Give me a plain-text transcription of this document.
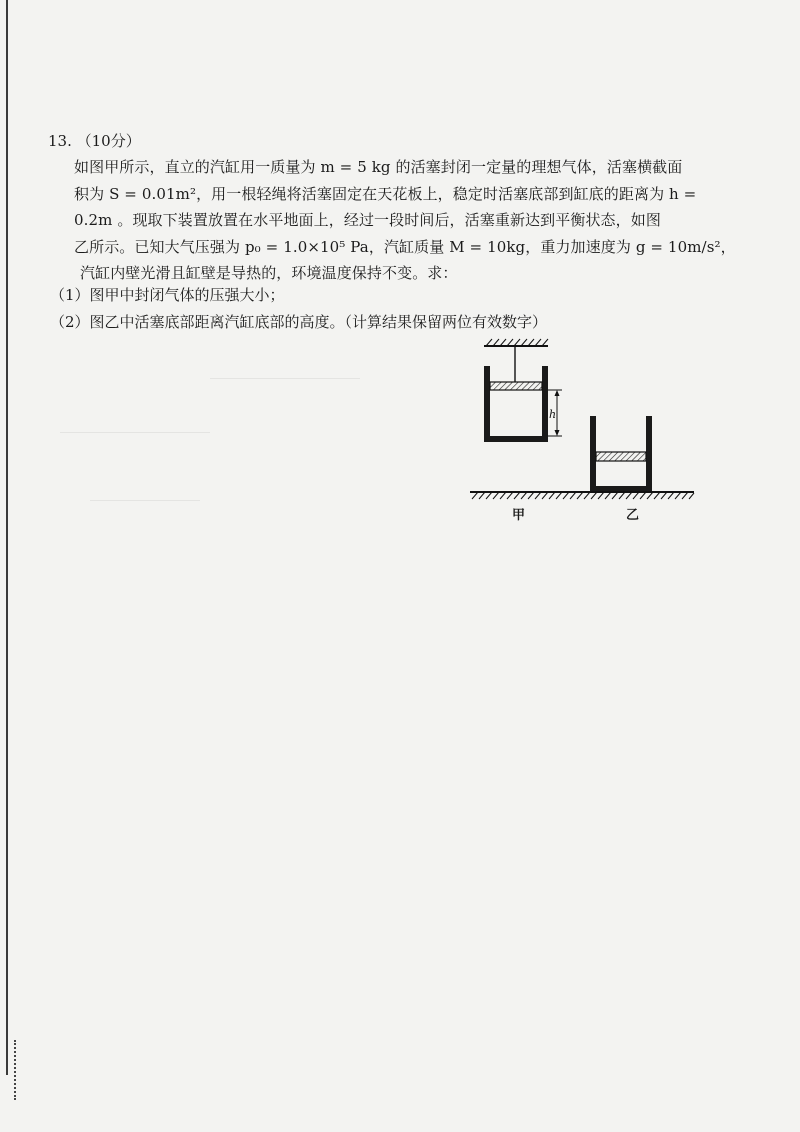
13. （10分）
如图甲所示，直立的汽缸用一质量为 m = 5 kg 的活塞封闭一定量的理想气体，活塞横截面
积为 S = 0.01m²，用一根轻绳将活塞固定在天花板上，稳定时活塞底部到缸底的距离为 h =
0.2m 。现取下装置放置在水平地面上，经过一段时间后，活塞重新达到平衡状态，如图
乙所示。已知大气压强为 p₀ = 1.0×10⁵ Pa，汽缸质量 M = 10kg，重力加速度为 g = 10m/s²，
汽缸内壁光滑且缸壁是导热的，环境温度保持不变。求：
（1）图甲中封闭气体的压强大小；
（2）图乙中活塞底部距离汽缸底部的高度。（计算结果保留两位有效数字）
h
甲	乙
